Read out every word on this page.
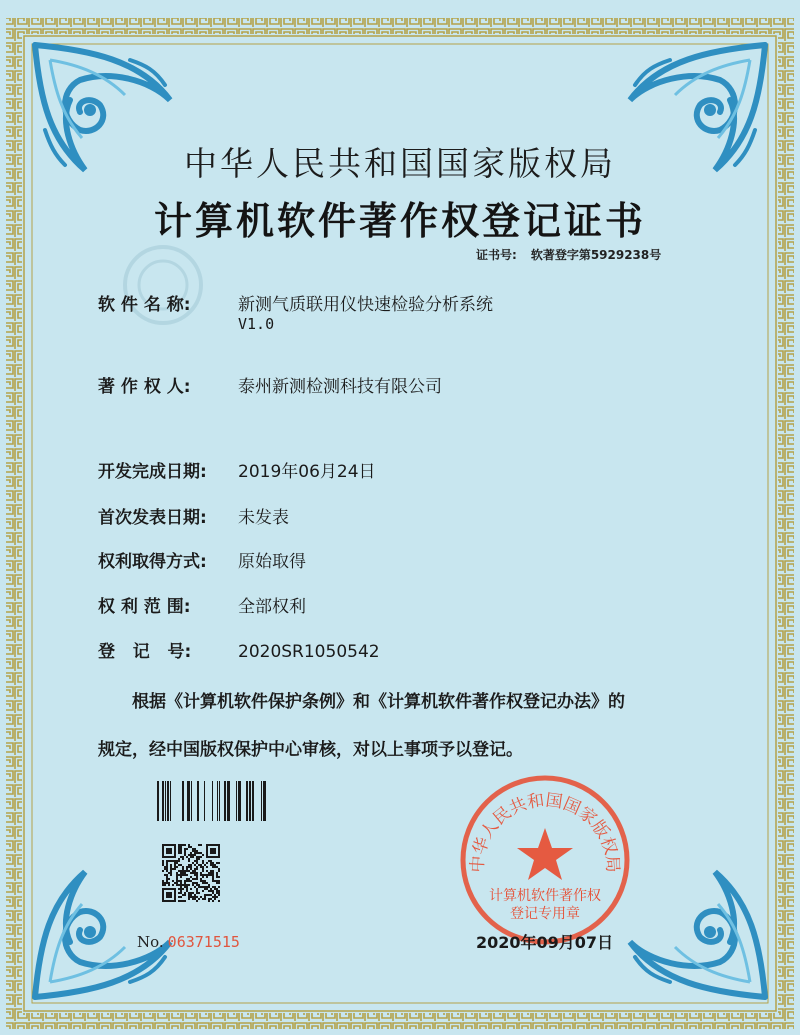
中华人民共和国国家版权局
计算机软件著作权登记证书
证书号: 软著登字第5929238号
软 件 名 称:	新测气质联用仪快速检验分析系统
V1.0
著 作 权 人:	泰州新测检测科技有限公司
开发完成日期: 2019年06月24日
首次发表日期: 未发表
权利取得方式: 原始取得
权 利 范 围:	全部权利
登   记   号:	2020SR1050542
根据《计算机软件保护条例》和《计算机软件著作权登记办法》的
规定，经中国版权保护中心审核，对以上事项予以登记。
中华人民共和国国家版权局
计算机软件著作权
登记专用章
No. 06371515	2020年09月07日
